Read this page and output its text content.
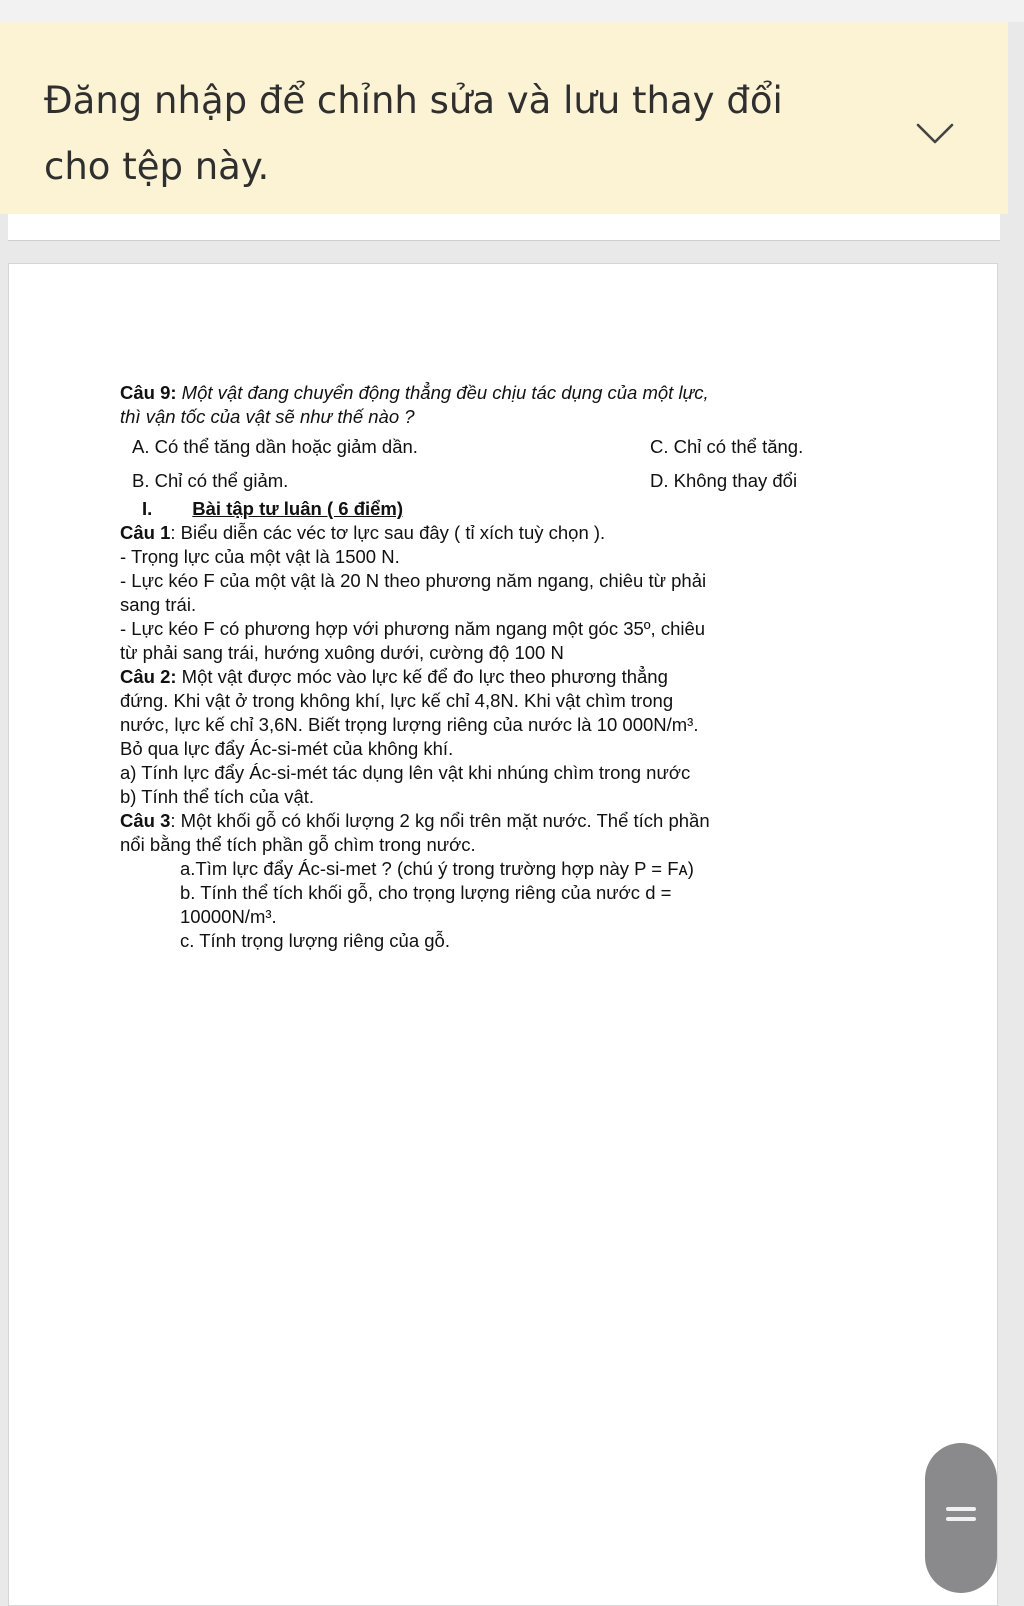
Đăng nhập để chỉnh sửa và lưu thay đổi
cho tệp này.

Câu 9: Một vật đang chuyển động thẳng đều chịu tác dụng của một lực,

thì vận tốc của vật sẽ như thế nào ?

A. Có thể tăng dần hoặc giảm dần.	C. Chỉ có thể tăng.
B. Chỉ có thể giảm.	D. Không thay đổi

I. Bài tập tư luân ( 6 điểm)

Câu 1: Biểu diễn các véc tơ lực sau đây ( tỉ xích tuỳ chọn ).

- Trọng lực của một vật là 1500 N.

- Lực kéo F của một vật là 20 N theo phương năm ngang, chiêu từ phải

sang trái.

- Lực kéo F có phương hợp với phương năm ngang một góc 35º, chiêu

từ phải sang trái, hướng xuông dưới, cường độ 100 N

Câu 2: Một vật được móc vào lực kế để đo lực theo phương thẳng

đứng. Khi vật ở trong không khí, lực kế chỉ 4,8N. Khi vật chìm trong

nước, lực kế chỉ 3,6N. Biết trọng lượng riêng của nước là 10 000N/m³.

Bỏ qua lực đẩy Ác-si-mét của không khí.

a) Tính lực đẩy Ác-si-mét tác dụng lên vật khi nhúng chìm trong nước

b) Tính thể tích của vật.

Câu 3: Một khối gỗ có khối lượng 2 kg nổi trên mặt nước. Thể tích phần

nổi bằng thể tích phần gỗ chìm trong nước.

a.Tìm lực đẩy Ác-si-met ? (chú ý trong trường hợp này P = Fᴀ)

b. Tính thể tích khối gỗ, cho trọng lượng riêng của nước d =

10000N/m³.

c. Tính trọng lượng riêng của gỗ.
